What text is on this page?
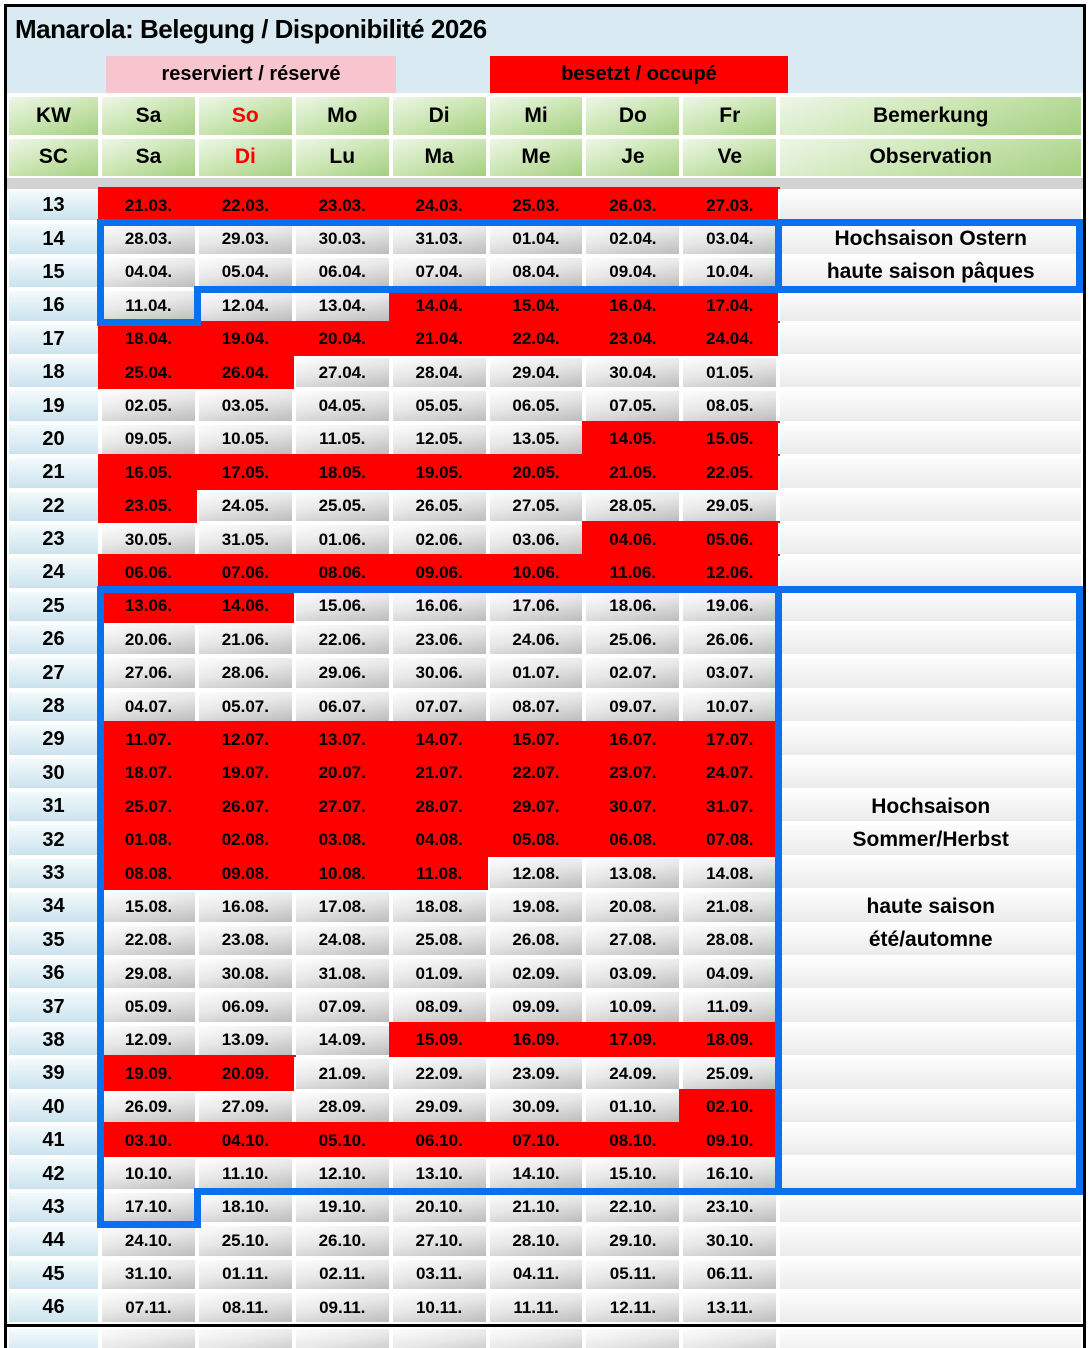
Manarola: Belegung / Disponibilité 2026
reserviert / réservé	besetzt / occupé
KW	Sa	So	Mo	Di	Mi	Do	Fr	Bemerkung
SC	Sa	Di	Lu	Ma	Me	Je	Ve	Observation
13	21.03.	22.03.	23.03.	24.03.	25.03.	26.03.	27.03.
14	28.03.	29.03.	30.03.	31.03.	01.04.	02.04.	03.04.	Hochsaison Ostern
15	04.04.	05.04.	06.04.	07.04.	08.04.	09.04.	10.04.	haute saison pâques
16	11.04.	12.04.	13.04.	14.04.	15.04.	16.04.	17.04.
17	18.04.	19.04.	20.04.	21.04.	22.04.	23.04.	24.04.
18	25.04.	26.04.	27.04.	28.04.	29.04.	30.04.	01.05.
19	02.05.	03.05.	04.05.	05.05.	06.05.	07.05.	08.05.
20	09.05.	10.05.	11.05.	12.05.	13.05.	14.05.	15.05.
21	16.05.	17.05.	18.05.	19.05.	20.05.	21.05.	22.05.
22	23.05.	24.05.	25.05.	26.05.	27.05.	28.05.	29.05.
23	30.05.	31.05.	01.06.	02.06.	03.06.	04.06.	05.06.
24	06.06.	07.06.	08.06.	09.06.	10.06.	11.06.	12.06.
25	13.06.	14.06.	15.06.	16.06.	17.06.	18.06.	19.06.
26	20.06.	21.06.	22.06.	23.06.	24.06.	25.06.	26.06.
27	27.06.	28.06.	29.06.	30.06.	01.07.	02.07.	03.07.
28	04.07.	05.07.	06.07.	07.07.	08.07.	09.07.	10.07.
29	11.07.	12.07.	13.07.	14.07.	15.07.	16.07.	17.07.
30	18.07.	19.07.	20.07.	21.07.	22.07.	23.07.	24.07.
31	25.07.	26.07.	27.07.	28.07.	29.07.	30.07.	31.07.	Hochsaison
32	01.08.	02.08.	03.08.	04.08.	05.08.	06.08.	07.08.	Sommer/Herbst
33	08.08.	09.08.	10.08.	11.08.	12.08.	13.08.	14.08.
34	15.08.	16.08.	17.08.	18.08.	19.08.	20.08.	21.08.	haute saison
35	22.08.	23.08.	24.08.	25.08.	26.08.	27.08.	28.08.	été/automne
36	29.08.	30.08.	31.08.	01.09.	02.09.	03.09.	04.09.
37	05.09.	06.09.	07.09.	08.09.	09.09.	10.09.	11.09.
38	12.09.	13.09.	14.09.	15.09.	16.09.	17.09.	18.09.
39	19.09.	20.09.	21.09.	22.09.	23.09.	24.09.	25.09.
40	26.09.	27.09.	28.09.	29.09.	30.09.	01.10.	02.10.
41	03.10.	04.10.	05.10.	06.10.	07.10.	08.10.	09.10.
42	10.10.	11.10.	12.10.	13.10.	14.10.	15.10.	16.10.
43	17.10.	18.10.	19.10.	20.10.	21.10.	22.10.	23.10.
44	24.10.	25.10.	26.10.	27.10.	28.10.	29.10.	30.10.
45	31.10.	01.11.	02.11.	03.11.	04.11.	05.11.	06.11.
46	07.11.	08.11.	09.11.	10.11.	11.11.	12.11.	13.11.
